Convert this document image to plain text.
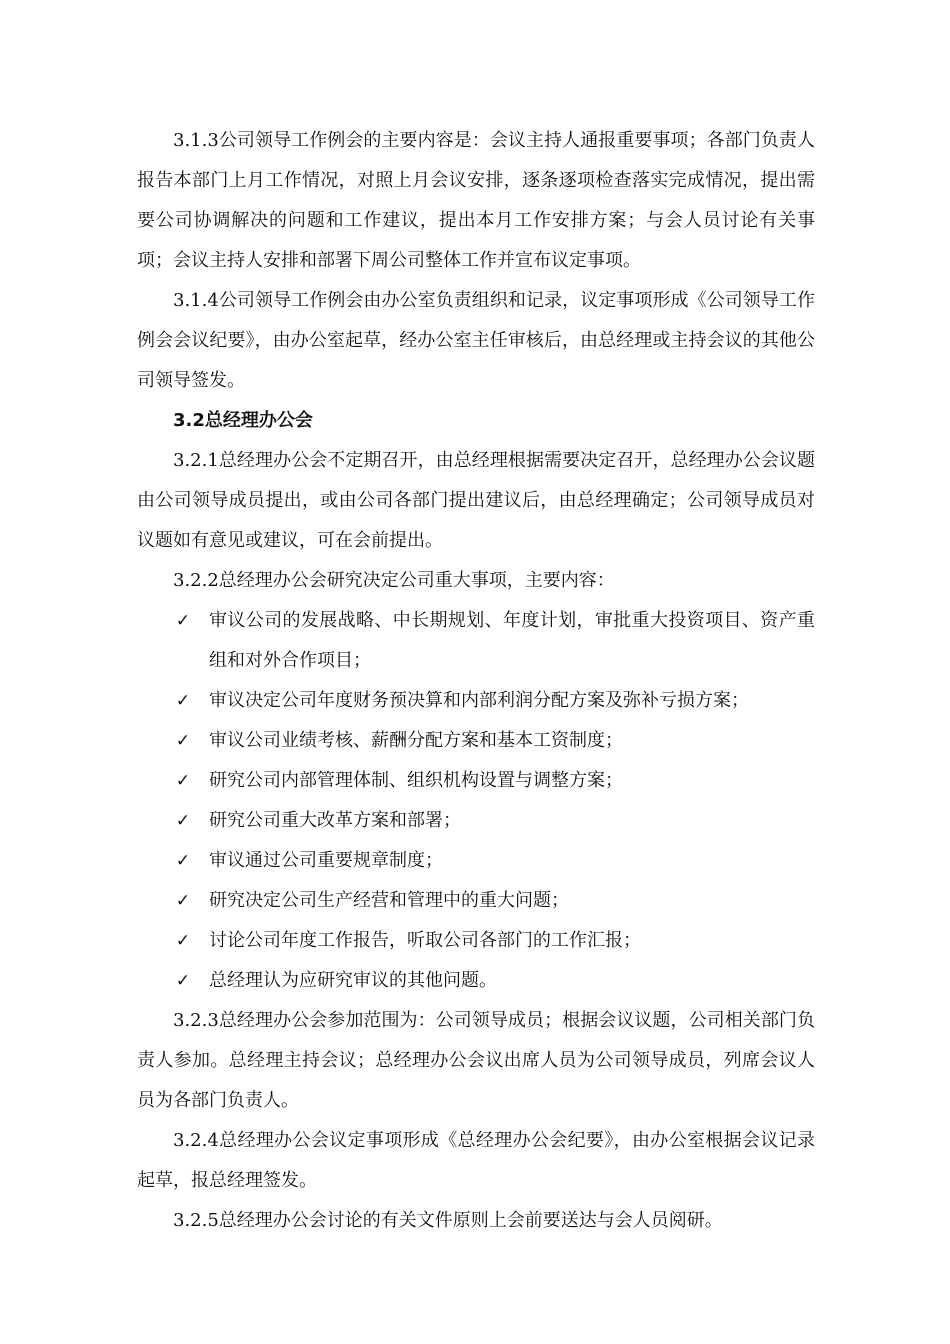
3.1.3公司领导工作例会的主要内容是：会议主持人通报重要事项；各部门负责人报告本部门上月工作情况，对照上月会议安排，逐条逐项检查落实完成情况，提出需要公司协调解决的问题和工作建议，提出本月工作安排方案；与会人员讨论有关事项；会议主持人安排和部署下周公司整体工作并宣布议定事项。

3.1.4公司领导工作例会由办公室负责组织和记录，议定事项形成《公司领导工作例会会议纪要》，由办公室起草，经办公室主任审核后，由总经理或主持会议的其他公司领导签发。

3.2总经理办公会

3.2.1总经理办公会不定期召开，由总经理根据需要决定召开，总经理办公会议题由公司领导成员提出，或由公司各部门提出建议后，由总经理确定；公司领导成员对议题如有意见或建议，可在会前提出。

3.2.2总经理办公会研究决定公司重大事项，主要内容：

✓ 审议公司的发展战略、中长期规划、年度计划，审批重大投资项目、资产重组和对外合作项目；
✓ 审议决定公司年度财务预决算和内部利润分配方案及弥补亏损方案；
✓ 审议公司业绩考核、薪酬分配方案和基本工资制度；
✓ 研究公司内部管理体制、组织机构设置与调整方案；
✓ 研究公司重大改革方案和部署；
✓ 审议通过公司重要规章制度；
✓ 研究决定公司生产经营和管理中的重大问题；
✓ 讨论公司年度工作报告，听取公司各部门的工作汇报；
✓ 总经理认为应研究审议的其他问题。

3.2.3总经理办公会参加范围为：公司领导成员；根据会议议题，公司相关部门负责人参加。总经理主持会议；总经理办公会议出席人员为公司领导成员，列席会议人员为各部门负责人。

3.2.4总经理办公会议定事项形成《总经理办公会纪要》，由办公室根据会议记录起草，报总经理签发。

3.2.5总经理办公会讨论的有关文件原则上会前要送达与会人员阅研。
